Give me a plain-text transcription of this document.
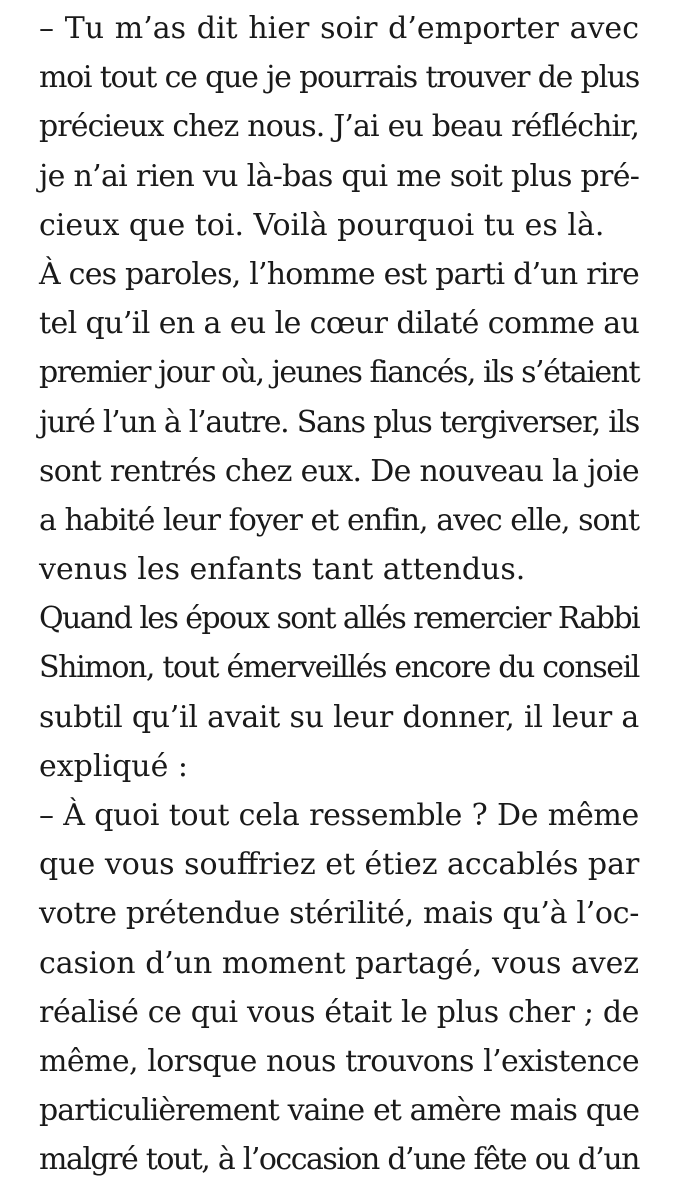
– Tu m’as dit hier soir d’emporter avec
moi tout ce que je pourrais trouver de plus
précieux chez nous. J’ai eu beau réfléchir,
je n’ai rien vu là-bas qui me soit plus pré-
cieux que toi. Voilà pourquoi tu es là.
À ces paroles, l’homme est parti d’un rire
tel qu’il en a eu le cœur dilaté comme au
premier jour où, jeunes fiancés, ils s’étaient
juré l’un à l’autre. Sans plus tergiverser, ils
sont rentrés chez eux. De nouveau la joie
a habité leur foyer et enfin, avec elle, sont
venus les enfants tant attendus.
Quand les époux sont allés remercier Rabbi
Shimon, tout émerveillés encore du conseil
subtil qu’il avait su leur donner, il leur a
expliqué :
– À quoi tout cela ressemble ? De même
que vous souffriez et étiez accablés par
votre prétendue stérilité, mais qu’à l’oc-
casion d’un moment partagé, vous avez
réalisé ce qui vous était le plus cher ; de
même, lorsque nous trouvons l’existence
particulièrement vaine et amère mais que
malgré tout, à l’occasion d’une fête ou d’un
